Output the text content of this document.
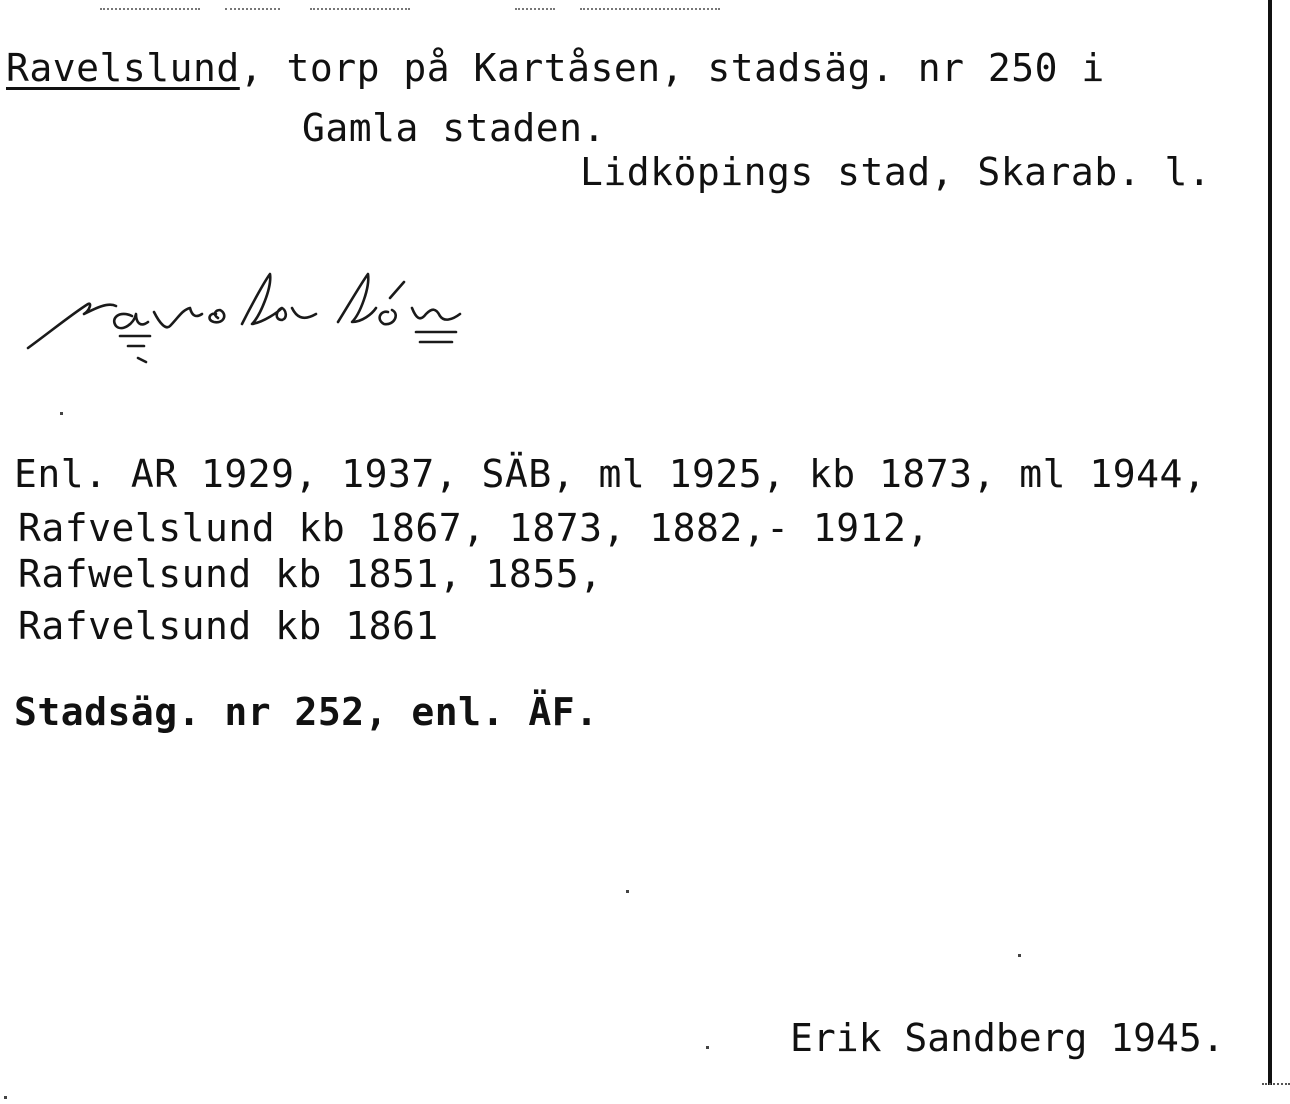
Ravelslund, torp på Kartåsen, stadsäg. nr 250 i
Gamla staden.
Lidköpings stad, Skarab. l.
Enl. AR 1929, 1937, SÄB, ml 1925, kb 1873, ml 1944,
Rafvelslund kb 1867, 1873, 1882,- 1912,
Rafwelsund kb 1851, 1855,
Rafvelsund kb 1861
Stadsäg. nr 252, enl. ÄF.
Erik Sandberg 1945.
